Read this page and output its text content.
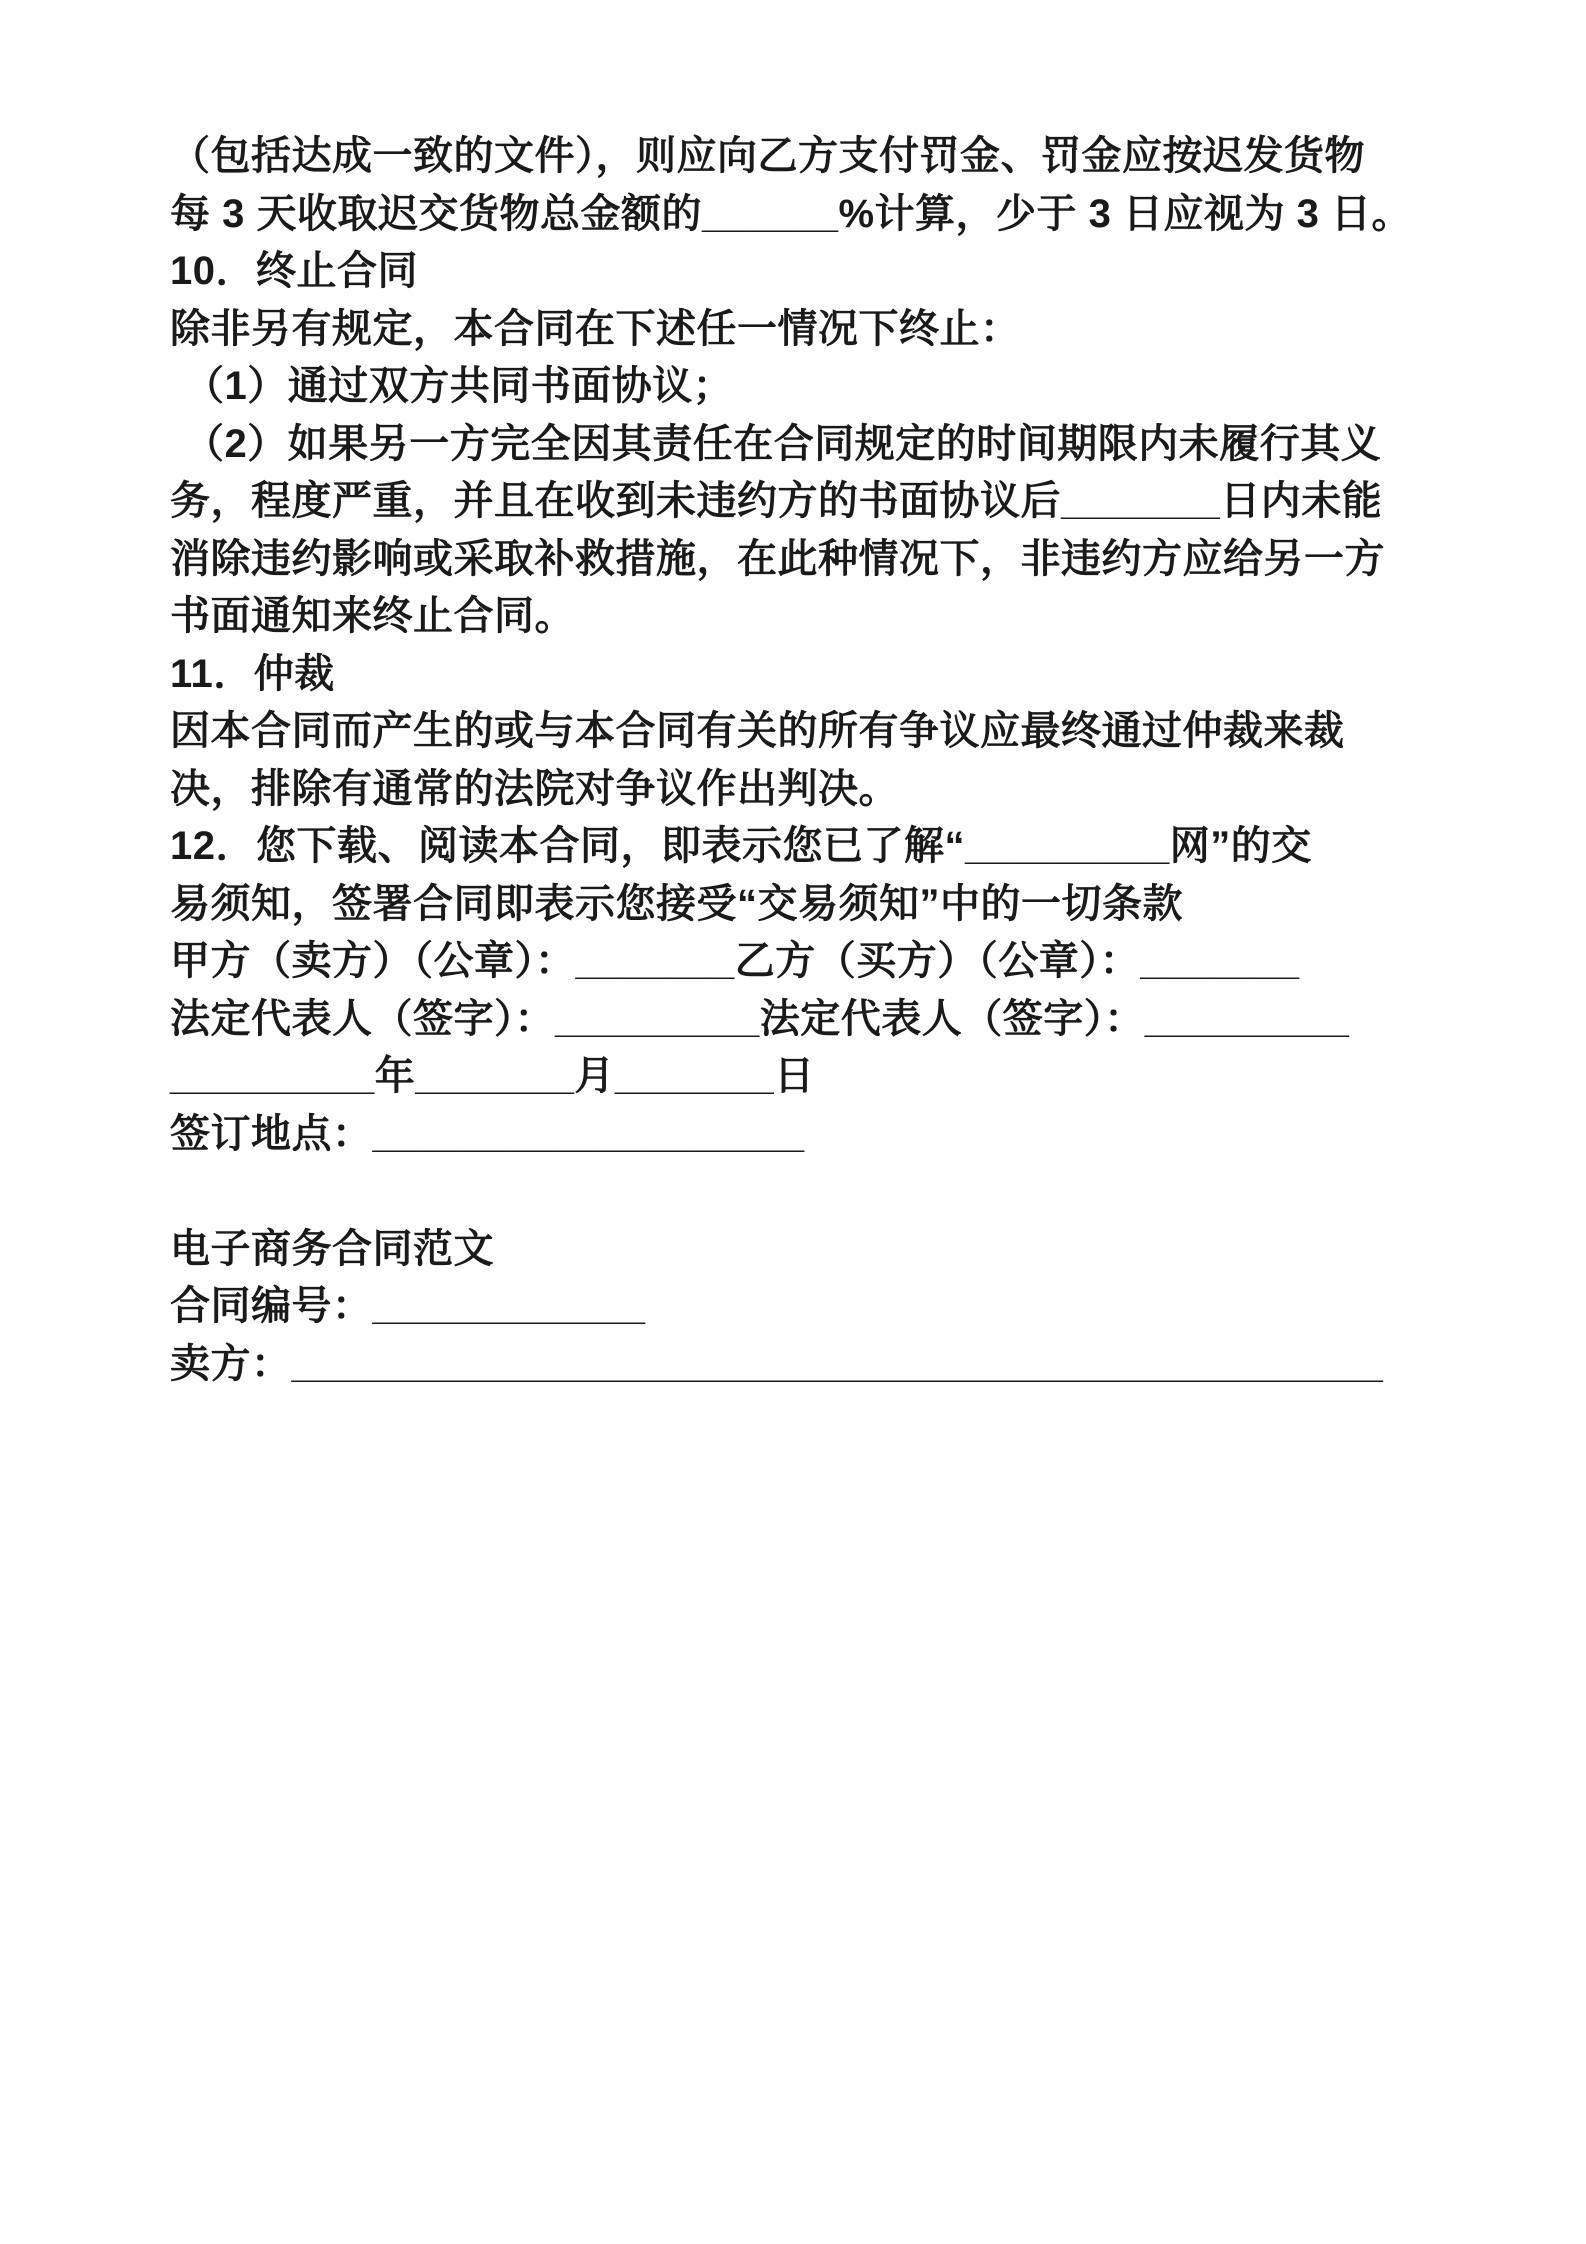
（包括达成一致的文件），则应向乙方支付罚金、罚金应按迟发货物
每 3 天收取迟交货物总金额的______%计算，少于 3 日应视为 3 日。
10．终止合同
除非另有规定，本合同在下述任一情况下终止：
（1）通过双方共同书面协议；
（2）如果另一方完全因其责任在合同规定的时间期限内未履行其义
务，程度严重，并且在收到未违约方的书面协议后_______日内未能
消除违约影响或采取补救措施，在此种情况下，非违约方应给另一方
书面通知来终止合同。
11．仲裁
因本合同而产生的或与本合同有关的所有争议应最终通过仲裁来裁
决，排除有通常的法院对争议作出判决。
12．您下载、阅读本合同，即表示您已了解“_________网”的交
易须知，签署合同即表示您接受“交易须知”中的一切条款
甲方（卖方）（公章）：_______乙方（买方）（公章）：_______
法定代表人（签字）：_________法定代表人（签字）：_________
_________年_______月_______日
签订地点：___________________
电子商务合同范文
合同编号：____________
卖方：________________________________________________
